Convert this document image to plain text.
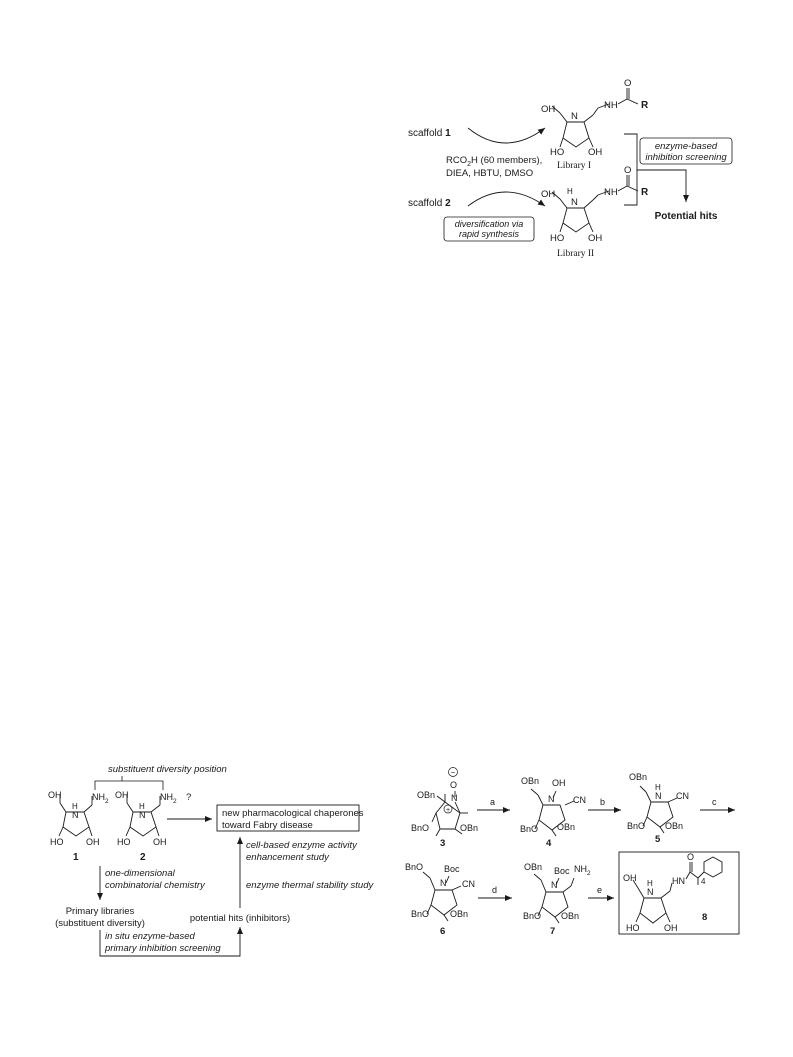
scaffold 1
scaffold 2
$RCO_2H$ (60 members),
DIEA, HBTU, DMSO
diversification via
rapid synthesis
OH
N
NH
O
R
HO	OH
Library I
OH H
N
NH
O
R
HO	OH
Library II
enzyme-based
inhibition screening
Potential hits
substituent diversity position
OH
H
N
$NH_2$
HO	OH
1
OH
H
N
$NH_2$
HO	OH
2
?
new pharmacological chaperones
toward Fabry disease
cell-based enzyme activity
enhancement study
enzyme thermal stability study
one-dimensional
combinatorial chemistry
Primary libraries
(substituent diversity)
in situ enzyme-based
primary inhibition screening
potential hits (inhibitors)
−
O
N
+
OBn
BnO	OBn
3
a
OBn
N
OH
CN
BnO OBn
4
b
OBn
H
N CN
BnO OBn
5
c
BnO
N
Boc
CN
BnO OBn
6
d
OBn
N
Boc $NH_2$
BnO OBn
7
e
OH
H
N
HN
O
4
HO	OH
8
